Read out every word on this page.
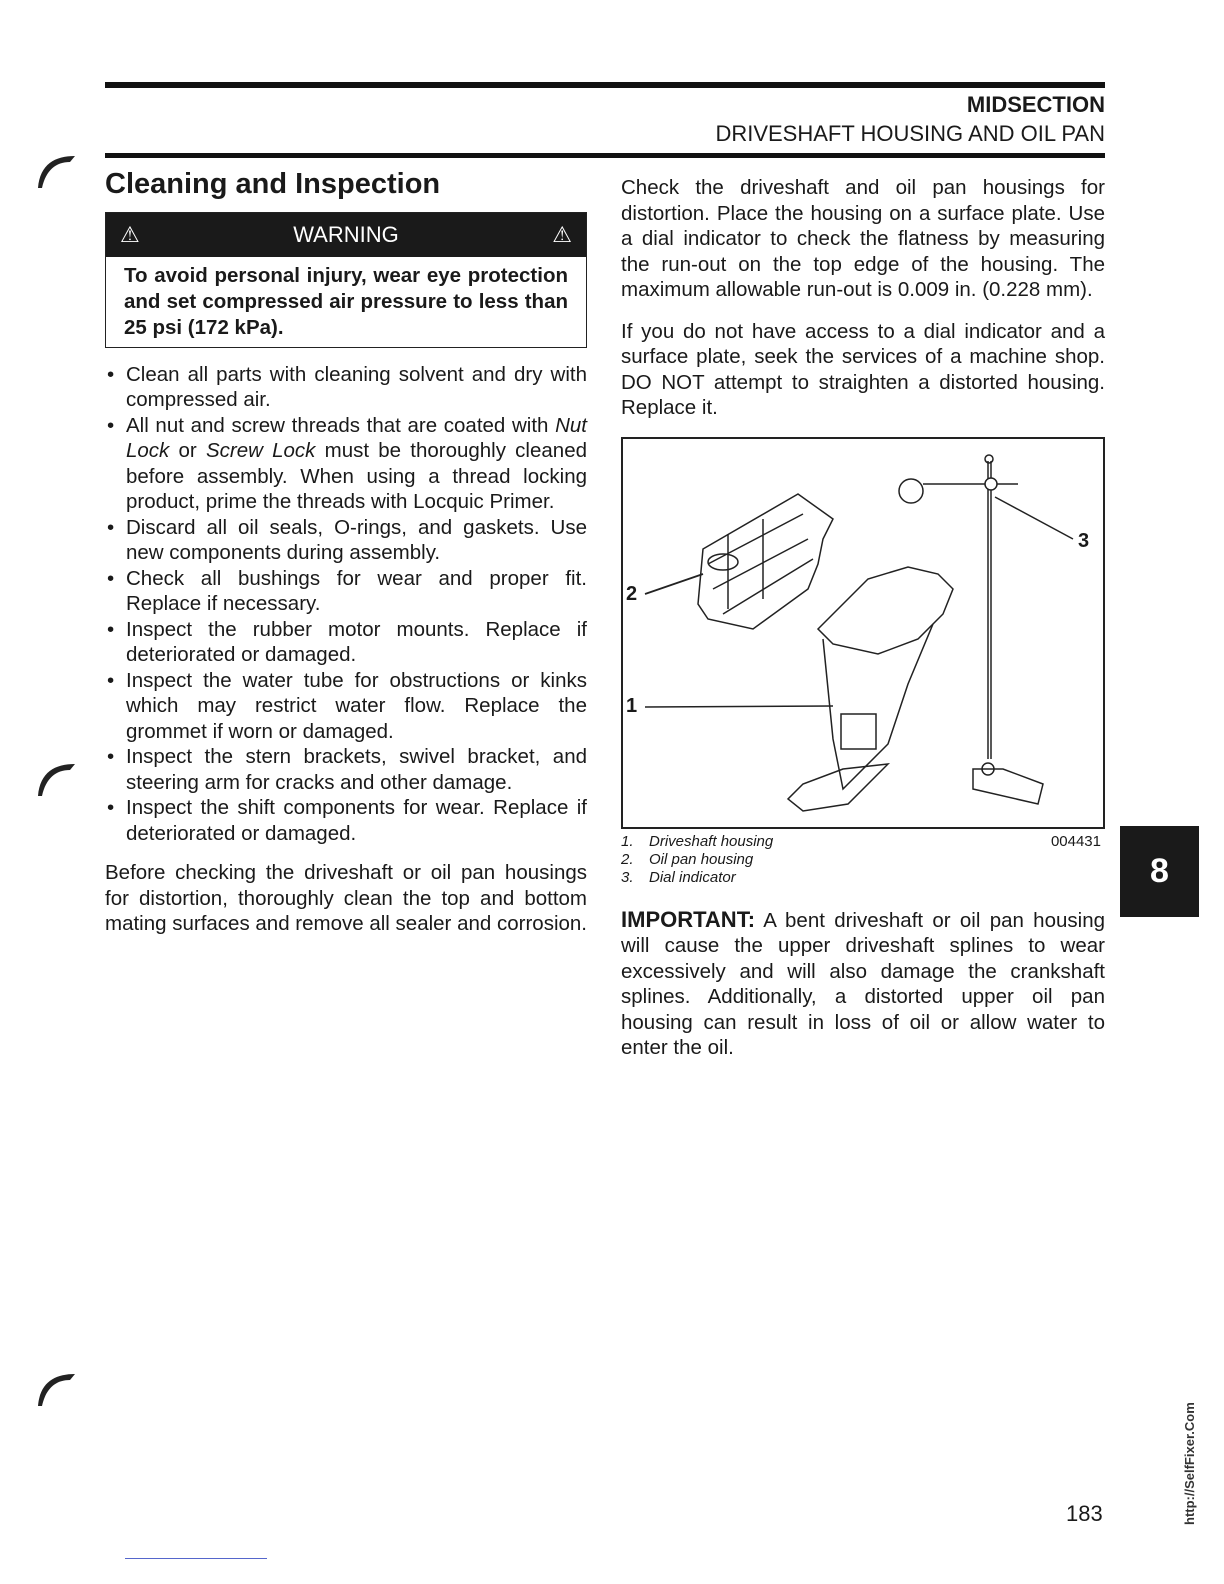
MIDSECTION
DRIVESHAFT HOUSING AND OIL PAN
Cleaning and Inspection
⚠	WARNING	⚠
To avoid personal injury, wear eye protection and set compressed air pressure to less than 25 psi (172 kPa).
• Clean all parts with cleaning solvent and dry with compressed air.
• All nut and screw threads that are coated with Nut Lock or Screw Lock must be thoroughly cleaned before assembly. When using a thread locking product, prime the threads with Locquic Primer.
• Discard all oil seals, O-rings, and gaskets. Use new components during assembly.
• Check all bushings for wear and proper fit. Replace if necessary.
• Inspect the rubber motor mounts. Replace if deteriorated or damaged.
• Inspect the water tube for obstructions or kinks which may restrict water flow. Replace the grommet if worn or damaged.
• Inspect the stern brackets, swivel bracket, and steering arm for cracks and other damage.
• Inspect the shift components for wear. Replace if deteriorated or damaged.

Before checking the driveshaft or oil pan housings for distortion, thoroughly clean the top and bottom mating surfaces and remove all sealer and corrosion.

Check the driveshaft and oil pan housings for distortion. Place the housing on a surface plate. Use a dial indicator to check the flatness by measuring the run-out on the top edge of the housing. The maximum allowable run-out is 0.009 in. (0.228 mm).

If you do not have access to a dial indicator and a surface plate, seek the services of a machine shop. DO NOT attempt to straighten a distorted housing. Replace it.

2
1
3
004431
1. Driveshaft housing
2. Oil pan housing
3. Dial indicator

IMPORTANT: A bent driveshaft or oil pan housing will cause the upper driveshaft splines to wear excessively and will also damage the crankshaft splines. Additionally, a distorted upper oil pan housing can result in loss of oil or allow water to enter the oil.

8
183	http://SelfFixer.Com
